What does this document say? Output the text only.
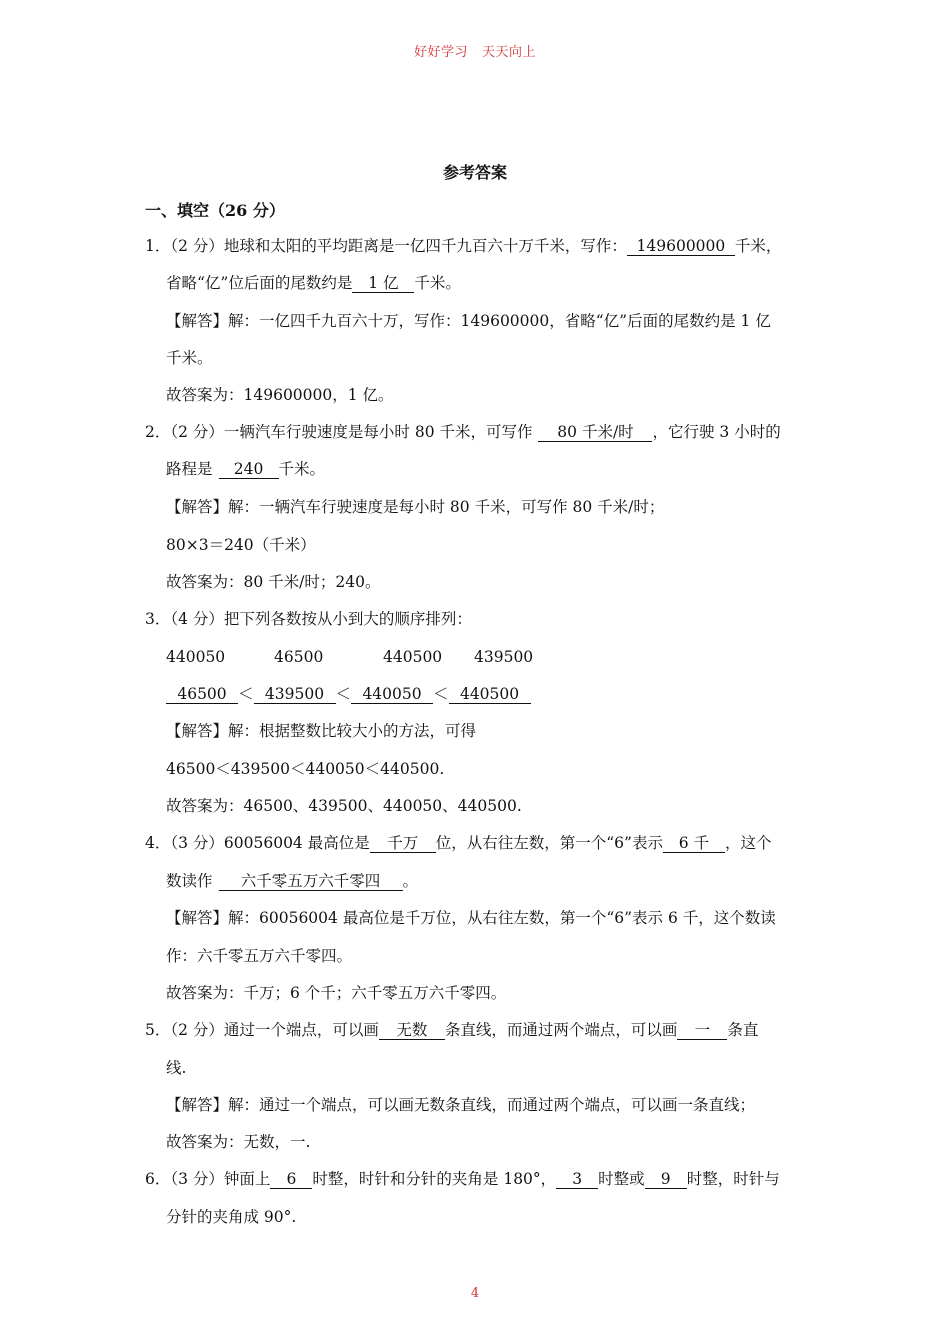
好好学习 天天向上
参考答案
一、填空（26 分）
1．（2 分）地球和太阳的平均距离是一亿四千九百六十万千米，写作： 149600000 千米，
省略“亿”位后面的尾数约是 1 亿 千米。
【解答】解：一亿四千九百六十万，写作：149600000，省略“亿”后面的尾数约是 1 亿
千米。
故答案为：149600000，1 亿。
2．（2 分）一辆汽车行驶速度是每小时 80 千米，可写作 80 千米/时 ，它行驶 3 小时的
路程是 240 千米。
【解答】解：一辆汽车行驶速度是每小时 80 千米，可写作 80 千米/时；
80×3＝240（千米）
故答案为：80 千米/时；240。
3．（4 分）把下列各数按从小到大的顺序排列：
440050	46500	440500 439500
46500 ＜ 439500 ＜ 440050 ＜ 440500
【解答】解：根据整数比较大小的方法，可得
46500＜439500＜440050＜440500.
故答案为：46500、439500、440050、440500.
4．（3 分）60056004 最高位是 千万 位，从右往左数，第一个“6”表示 6 千 ，这个
数读作 六千零五万六千零四 。
【解答】解：60056004 最高位是千万位，从右往左数，第一个“6”表示 6 千，这个数读
作：六千零五万六千零四。
故答案为：千万；6 个千；六千零五万六千零四。
5．（2 分）通过一个端点，可以画 无数 条直线，而通过两个端点，可以画 一 条直
线.
【解答】解：通过一个端点，可以画无数条直线，而通过两个端点，可以画一条直线；
故答案为：无数，一.
6．（3 分）钟面上 6 时整，时针和分针的夹角是 180°， 3 时整或 9 时整，时针与
分针的夹角成 90°.
4
